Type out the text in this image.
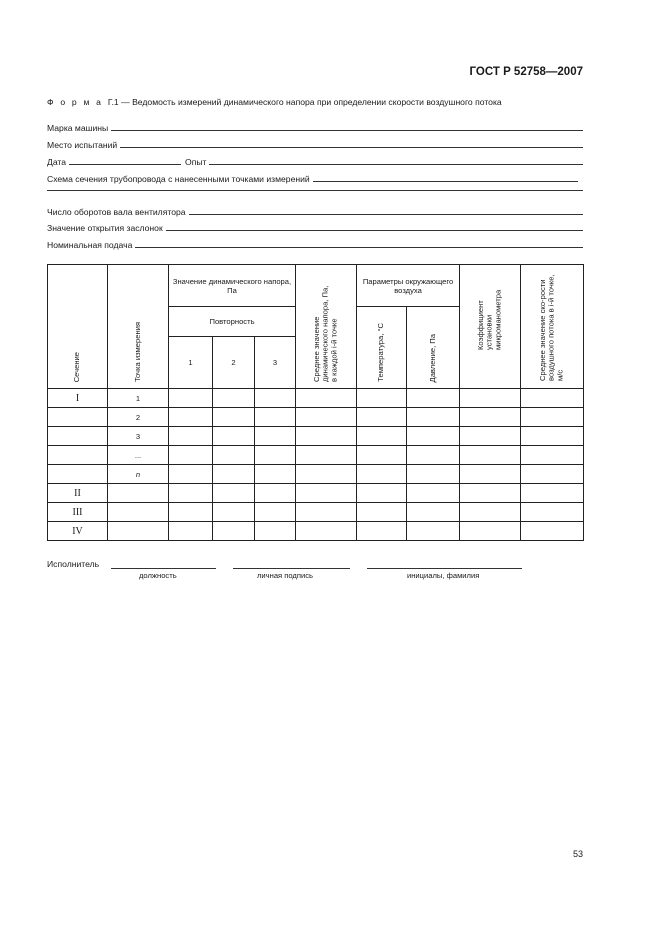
ГОСТ Р 52758—2007
Ф о р м а Г.1 — Ведомость измерений динамического напора при определении скорости воздушного потока
Марка машины
Место испытаний
Дата	Опыт
Схема сечения трубопровода с нанесенными точками измерений
Число оборотов вала вентилятора
Значение открытия заслонок
Номинальная подача
Сечение	Точка измерения	Значение динамического напора, Па			Среднее значение динамического напора, Па, в каждой i-й точке	Параметры окружающего воздуха		Коэффициент установки микроманометра	Среднее значение ско-рости воздушного потока в i-й точке, м/с
		Повторность				Температура, °С	Давление, Па		
		1	2	3					
I	1								
	2								
	3								
	...								
	n								
II									
III									
IV									
Исполнитель
должность	личная подпись	инициалы, фамилия
53
